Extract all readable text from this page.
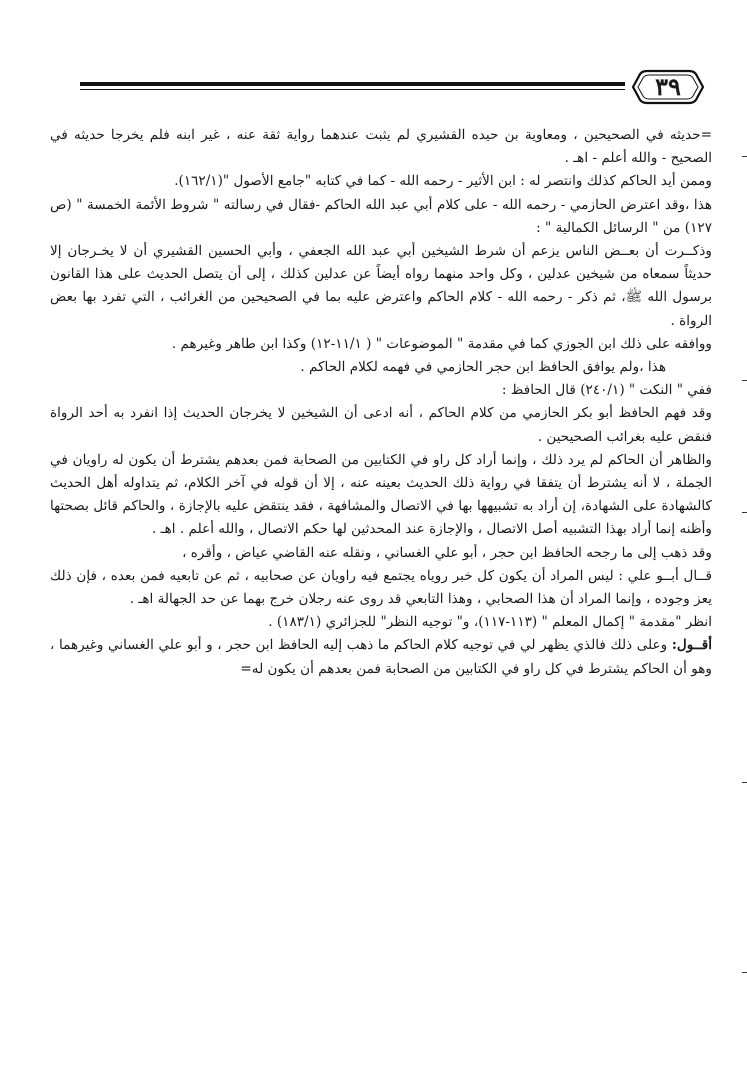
٣٩

=حديثه في الصحيحين ، ومعاوية بن حيده القشيري لم يثبت عندهما رواية ثقة عنه ، غير ابنه فلم يخرجا حديثه في الصحيح - والله أعلم - اهـ .

وممن أيد الحاكم كذلك وانتصر له : ابن الأثير - رحمه الله - كما في كتابه "جامع الأصول "(١٦٢/١).

هذا ،وقد اعترض الحازمي - رحمه الله - على كلام أبي عبد الله الحاكم -فقال في رسالته " شروط الأئمة الخمسة " (ص ١٢٧) من " الرسائل الكمالية " :

وذكــرت أن بعــض الناس يزعم أن شرط الشيخين أبي عبد الله الجعفي ، وأبي الحسين القشيري أن لا يخـرجان إلا حديثاً سمعاه من شيخين عدلين ، وكل واحد منهما رواه أيضاً عن عدلين كذلك ، إلى أن يتصل الحديث على هذا القانون برسول الله ﷺ، ثم ذكر - رحمه الله - كلام الحاكم واعترض عليه بما في الصحيحين من الغرائب ، التي تفرد بها بعض الرواة .

ووافقه على ذلك ابن الجوزي كما في مقدمة " الموضوعات " ( ١١/١-١٢) وكذا ابن طاهر وغيرهم .

هذا ،ولم يوافق الحافظ ابن حجر الحازمي في فهمه لكلام الحاكم .

ففي " النكت " (٢٤٠/١) قال الحافظ :

وقد فهم الحافظ أبو بكر الحازمي من كلام الحاكم ، أنه ادعى أن الشيخين لا يخرجان الحديث إذا انفرد به أحد الرواة فنقض عليه بغرائب الصحيحين .

والظاهر أن الحاكم لم يرد ذلك ، وإنما أراد كل راو في الكتابين من الصحابة فمن بعدهم يشترط أن يكون له راويان في الجملة ، لا أنه يشترط أن يتفقا في رواية ذلك الحديث بعينه عنه ، إلا أن قوله في آخر الكلام، ثم يتداوله أهل الحديث كالشهادة على الشهادة، إن أراد به تشبيهها بها في الاتصال والمشافهة ، فقد ينتقض عليه بالإجازة ، والحاكم قائل بصحتها وأظنه إنما أراد بهذا التشبيه أصل الاتصال ، والإجازة عند المحدثين لها حكم الاتصال ، والله أعلم . اهـ .

وقد ذهب إلى ما رجحه الحافظ ابن حجر ، أبو علي الغساني ، ونقله عنه القاضي عياض ، وأقره ،

قــال أبــو علي : ليس المراد أن يكون كل خبر روياه يجتمع فيه راويان عن صحابيه ، ثم عن تابعيه فمن بعده ، فإن ذلك يعز وجوده ، وإنما المراد أن هذا الصحابي ، وهذا التابعي قد روى عنه رجلان خرج بهما عن حد الجهالة اهـ .

انظر "مقدمة " إكمال المعلم " (١١٣-١١٧)، و" توجيه النظر" للجزائري (١٨٣/١) .

أقــول: وعلى ذلك فالذي يظهر لي في توجيه كلام الحاكم ما ذهب إليه الحافظ ابن حجر ، و أبو علي الغساني وغيرهما ، وهو أن الحاكم يشترط في كل راو في الكتابين من الصحابة فمن بعدهم أن يكون له=
